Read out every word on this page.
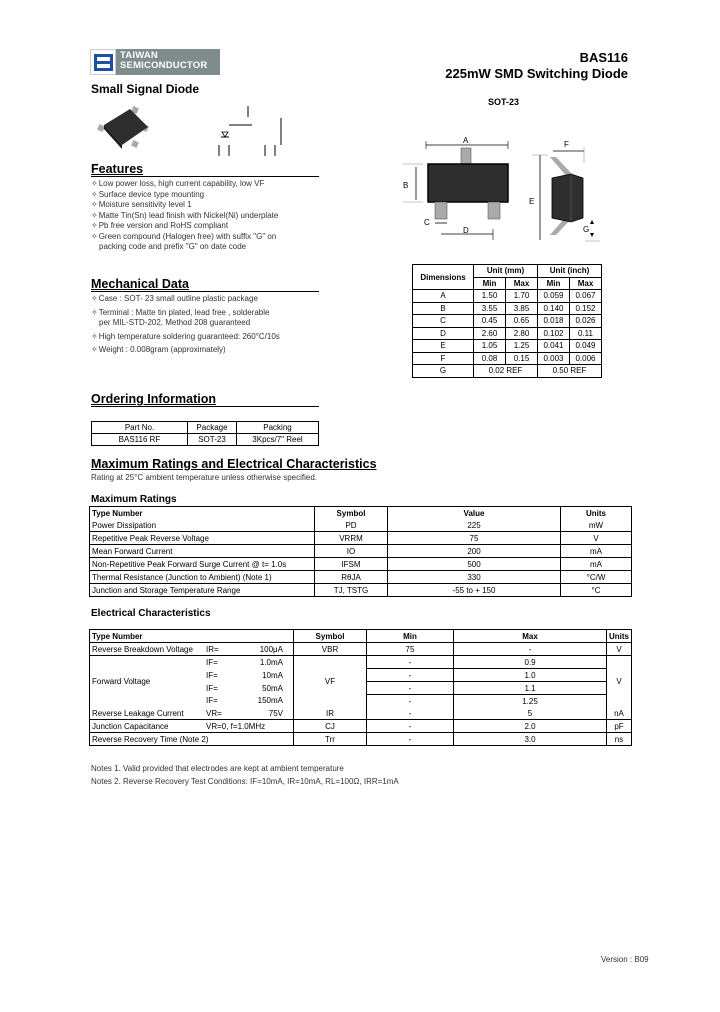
TAIWAN
SEMICONDUCTOR
BAS116
225mW SMD Switching Diode
Small Signal Diode
SOT-23
Features
✧Low power loss, high current capability, low VF
✧Surface device type mounting
✧Moisture sensitivity level 1
✧Matte Tin(Sn) lead finish with Nickel(Ni) underplate
✧Pb free version and RoHS compliant
✧Green compound (Halogen free) with suffix "G" on
packing code and prefix "G" on date code
Mechanical Data
✧Case : SOT- 23 small outline plastic package
✧Terminal : Matte tin plated, lead free , solderable
per MIL-STD-202, Method 208 guaranteed
✧High temperature soldering guaranteed: 260°C/10s
✧Weight : 0.008gram (approximately)
Ordering Information
Part No.	Package	Packing
BAS116 RF	SOT-23	3Kpcs/7" Reel
A
B
C
D
E
F
G
Dimensions	Unit (mm)		Unit (inch)	
	Min	Max	Min	Max
A	1.50	1.70	0.059	0.067
B	3.55	3.85	0.140	0.152
C	0.45	0.65	0.018	0.026
D	2.60	2.80	0.102	0.11
E	1.05	1.25	0.041	0.049
F	0.08	0.15	0.003	0.006
G	0.02 REF		0.50 REF	
Maximum Ratings and Electrical Characteristics
Rating at 25°C ambient temperature unless otherwise specified.
Maximum Ratings
Type Number	Symbol	Value	Units
Power Dissipation	PD	225	mW
Repetitive Peak Reverse Voltage	VRRM	75	V
Mean Forward Current	IO	200	mA
Non-Repetitive Peak Forward Surge Current @ t= 1.0s	IFSM	500	mA
Thermal Resistance (Junction to Ambient) (Note 1)	RθJA	330	°C/W
Junction and Storage Temperature Range	TJ, TSTG	-55 to + 150	°C
Electrical Characteristics
Type Number			Symbol	Min	Max	Units
Reverse Breakdown Voltage	IR=	100μA	VBR	75	-	V
Forward Voltage	IF=	1.0mA	VF	-	0.9	V
	IF=	10mA		-	1.0	
	IF=	50mA		-	1.1	
	IF=	150mA		-	1.25	
Reverse Leakage Current	VR=	75V	IR	-	5	nA
Junction Capacitance	VR=0, f=1.0MHz		CJ	-	2.0	pF
Reverse Recovery Time (Note 2)			Trr	-	3.0	ns
Notes 1. Valid provided that electrodes are kept at ambient temperature
Notes 2. Reverse Recovery Test Conditions: IF=10mA, IR=10mA, RL=100Ω, IRR=1mA
Version : B09
